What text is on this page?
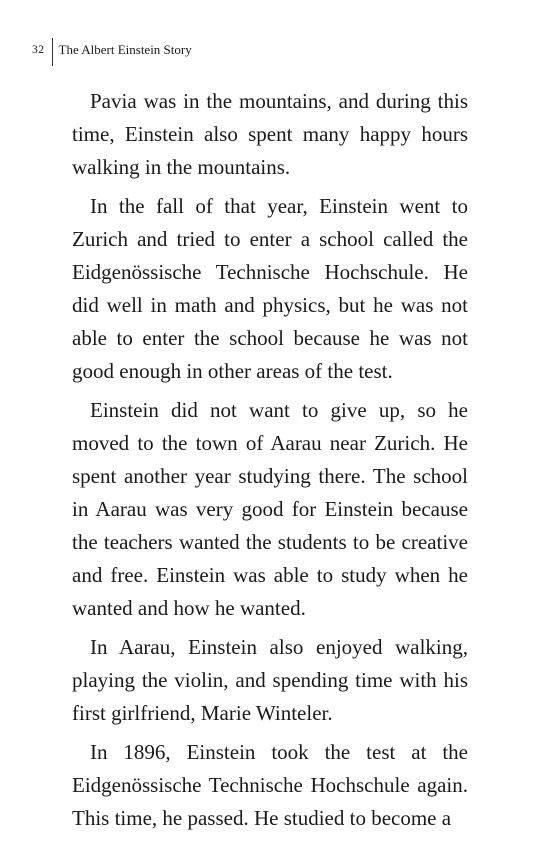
32	The Albert Einstein Story

Pavia was in the mountains, and during this time, Einstein also spent many happy hours walking in the mountains.

In the fall of that year, Einstein went to Zurich and tried to enter a school called the Eidgenössische Technische Hochschule. He did well in math and physics, but he was not able to enter the school because he was not good enough in other areas of the test.

Einstein did not want to give up, so he moved to the town of Aarau near Zurich. He spent another year studying there. The school in Aarau was very good for Einstein because the teachers wanted the students to be creative and free. Einstein was able to study when he wanted and how he wanted.

In Aarau, Einstein also enjoyed walking, playing the violin, and spending time with his first girlfriend, Marie Winteler.

In 1896, Einstein took the test at the Eidgenössische Technische Hochschule again. This time, he passed. He studied to become a
